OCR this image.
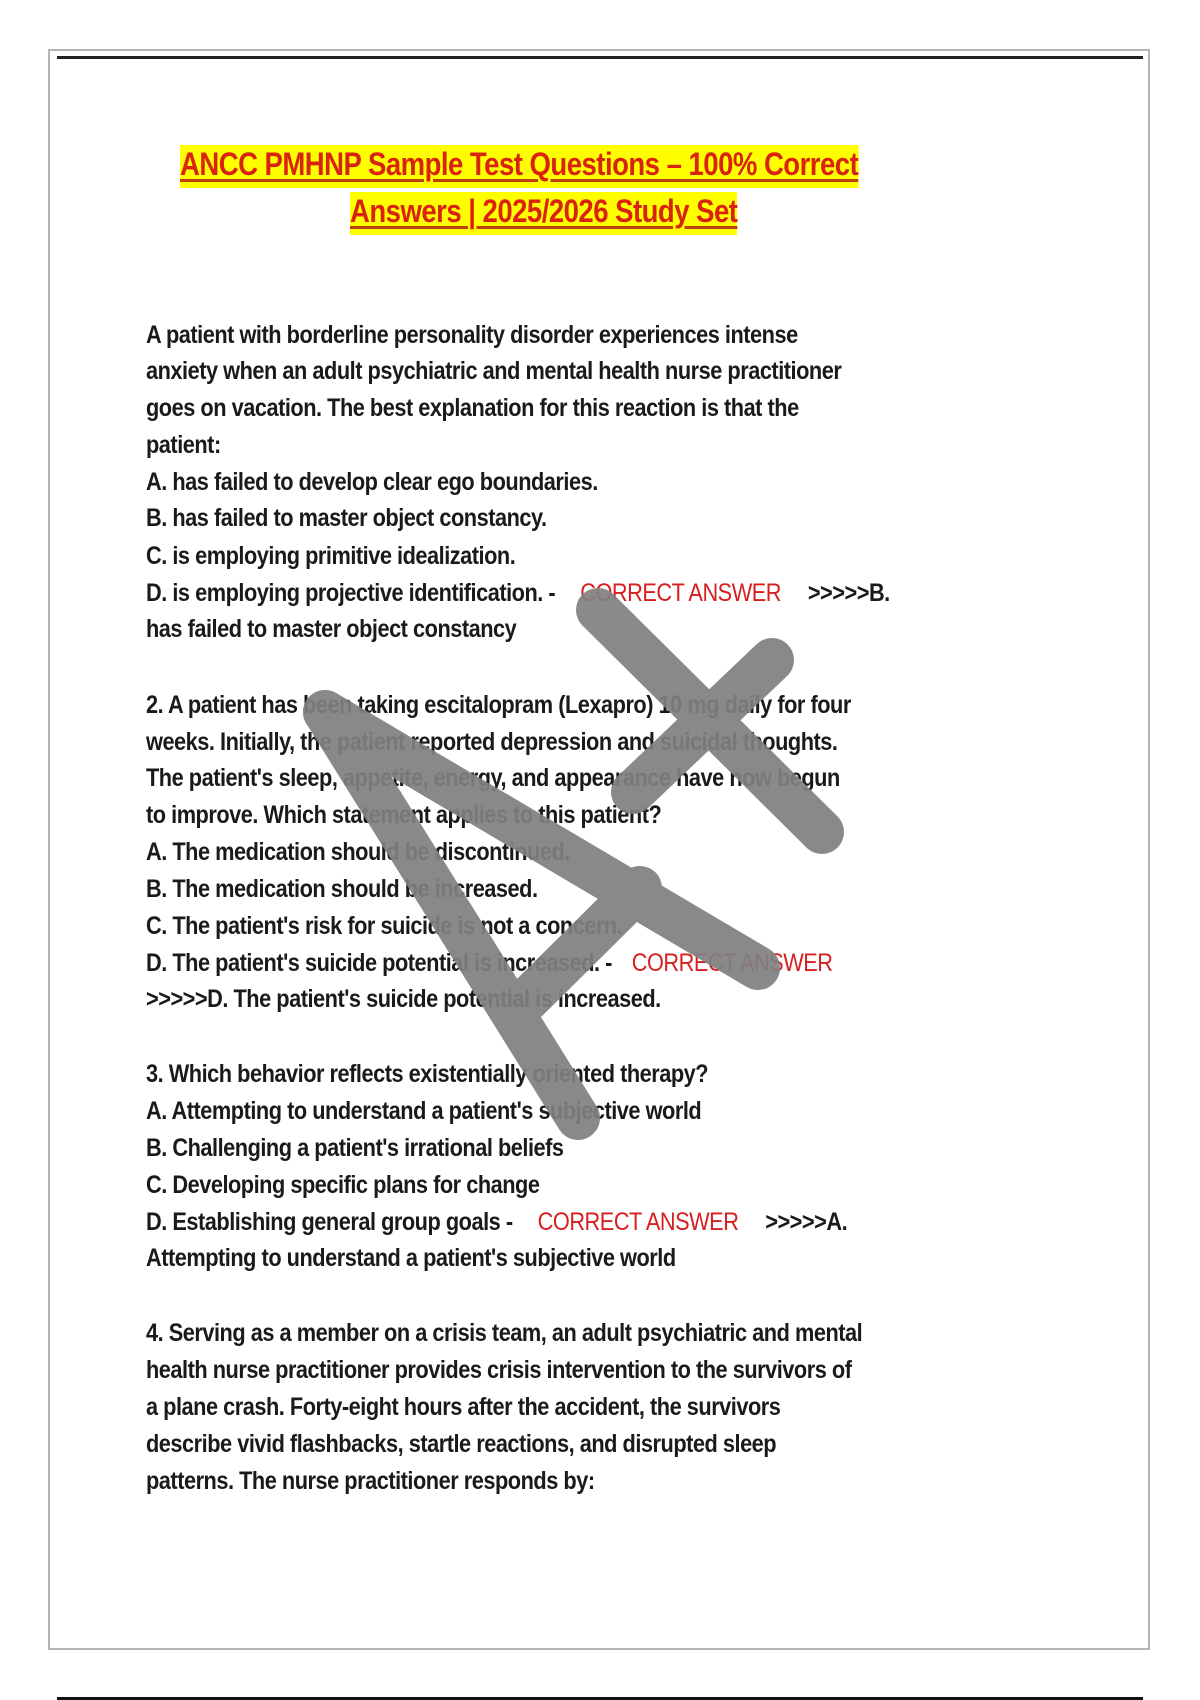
ANCC PMHNP Sample Test Questions – 100% Correct
Answers | 2025/2026 Study Set
A patient with borderline personality disorder experiences intense
anxiety when an adult psychiatric and mental health nurse practitioner
goes on vacation. The best explanation for this reaction is that the
patient:
A. has failed to develop clear ego boundaries.
B. has failed to master object constancy.
C. is employing primitive idealization.
D. is employing projective identification. - CORRECT ANSWER >>>>>B.
has failed to master object constancy
2. A patient has been taking escitalopram (Lexapro) 10 mg daily for four
weeks. Initially, the patient reported depression and suicidal thoughts.
The patient's sleep, appetite, energy, and appearance have now begun
to improve. Which statement applies to this patient?
A. The medication should be discontinued.
B. The medication should be increased.
C. The patient's risk for suicide is not a concern.
D. The patient's suicide potential is increased. - CORRECT ANSWER
>>>>>D. The patient's suicide potential is increased.
3. Which behavior reflects existentially oriented therapy?
A. Attempting to understand a patient's subjective world
B. Challenging a patient's irrational beliefs
C. Developing specific plans for change
D. Establishing general group goals - CORRECT ANSWER >>>>>A.
Attempting to understand a patient's subjective world
4. Serving as a member on a crisis team, an adult psychiatric and mental
health nurse practitioner provides crisis intervention to the survivors of
a plane crash. Forty-eight hours after the accident, the survivors
describe vivid flashbacks, startle reactions, and disrupted sleep
patterns. The nurse practitioner responds by:
